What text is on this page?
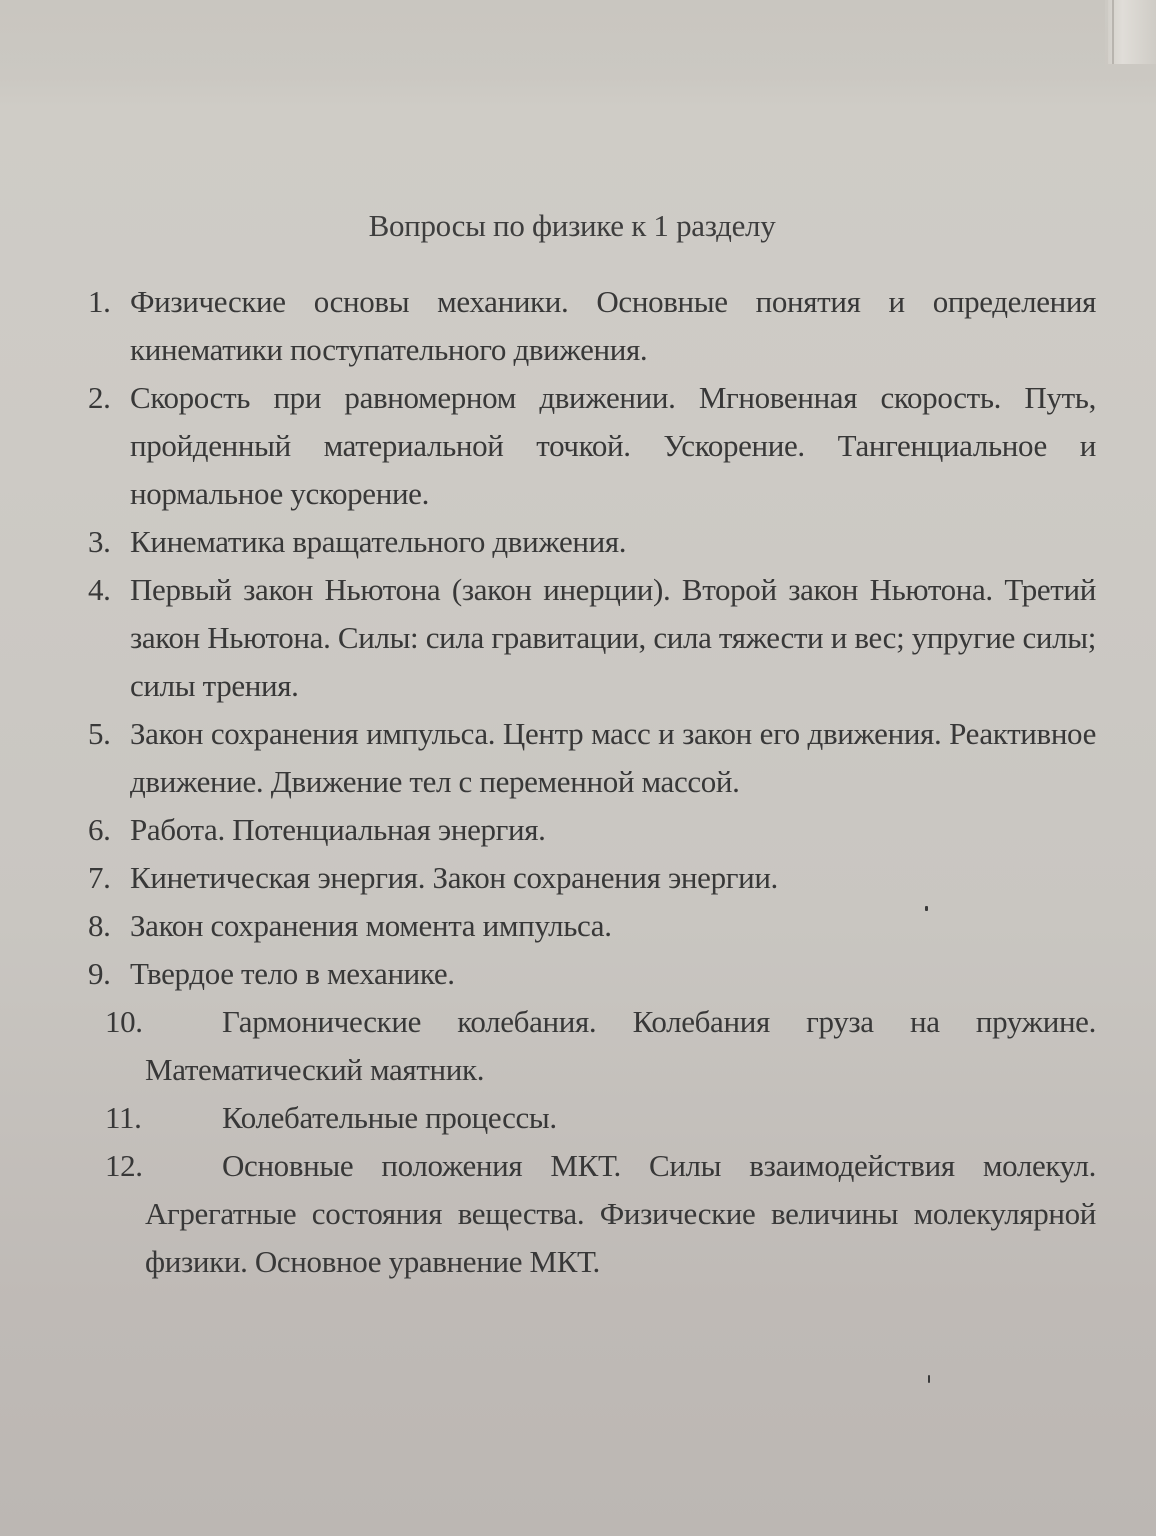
Вопросы по физике к 1 разделу
1. Физические основы механики. Основные понятия и определения кинематики поступательного движения.
2. Скорость при равномерном движении. Мгновенная скорость. Путь, пройденный материальной точкой. Ускорение. Тангенциальное и нормальное ускорение.
3. Кинематика вращательного движения.
4. Первый закон Ньютона (закон инерции). Второй закон Ньютона. Третий закон Ньютона. Силы: сила гравитации, сила тяжести и вес; упругие силы; силы трения.
5. Закон сохранения импульса. Центр масс и закон его движения. Реактивное движение. Движение тел с переменной массой.
6. Работа. Потенциальная энергия.
7. Кинетическая энергия. Закон сохранения энергии.
8. Закон сохранения момента импульса.
9. Твердое тело в механике.
10.	Гармонические колебания. Колебания груза на пружине. Математический маятник.
11.	Колебательные процессы.
12.	Основные положения МКТ. Силы взаимодействия молекул. Агрегатные состояния вещества. Физические величины молекулярной физики. Основное уравнение МКТ.
